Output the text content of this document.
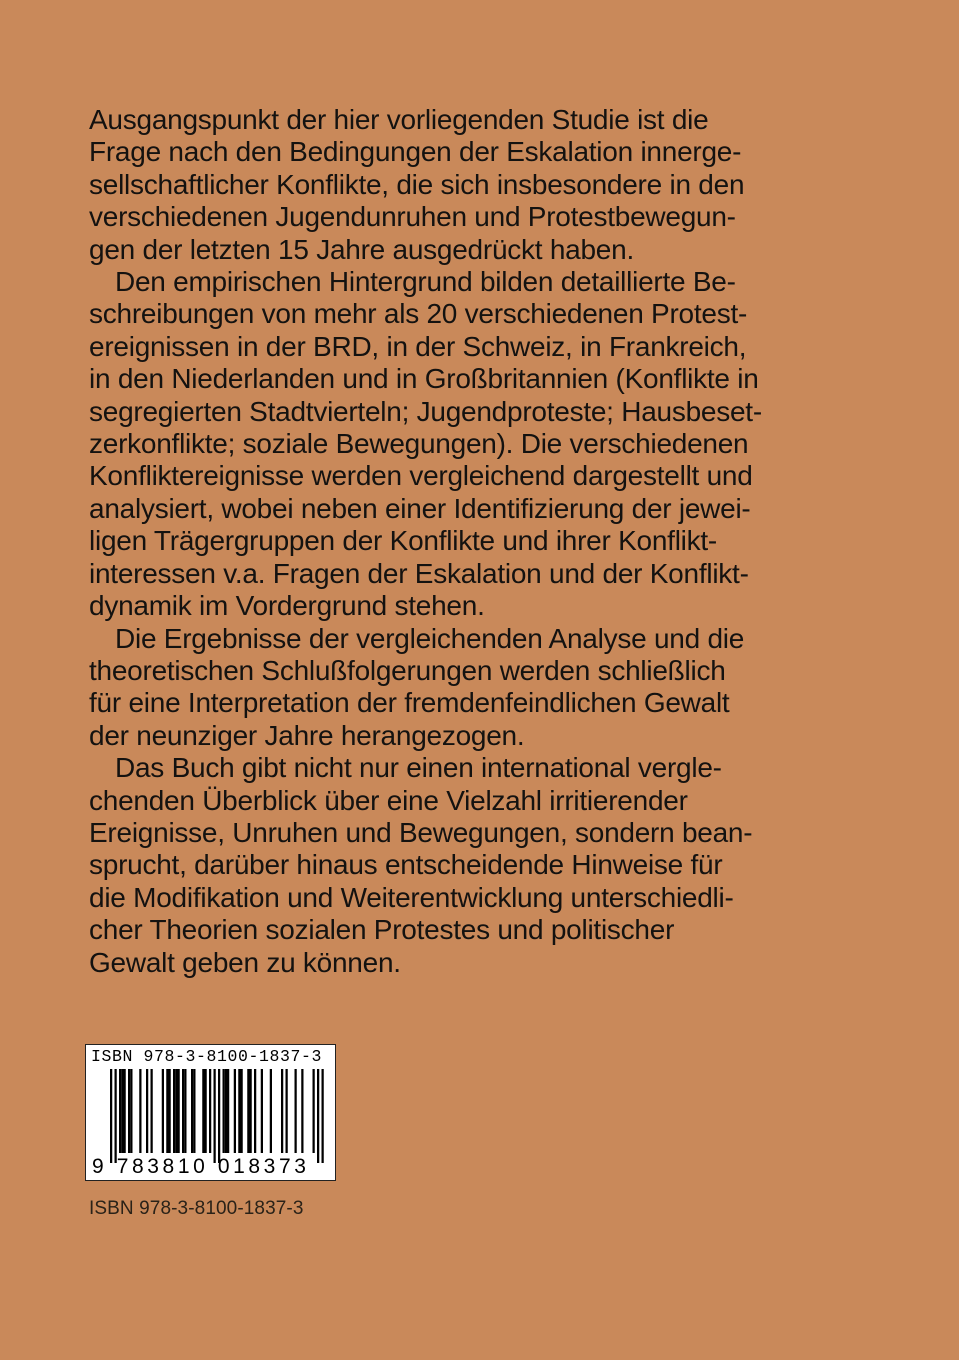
Ausgangspunkt der hier vorliegenden Studie ist die
Frage nach den Bedingungen der Eskalation innerge-
sellschaftlicher Konflikte, die sich insbesondere in den
verschiedenen Jugendunruhen und Protestbewegun-
gen der letzten 15 Jahre ausgedrückt haben.

Den empirischen Hintergrund bilden detaillierte Be-
schreibungen von mehr als 20 verschiedenen Protest-
ereignissen in der BRD, in der Schweiz, in Frankreich,
in den Niederlanden und in Großbritannien (Konflikte in
segregierten Stadtvierteln; Jugendproteste; Hausbeset-
zerkonflikte; soziale Bewegungen). Die verschiedenen
Konfliktereignisse werden vergleichend dargestellt und
analysiert, wobei neben einer Identifizierung der jewei-
ligen Trägergruppen der Konflikte und ihrer Konflikt-
interessen v.a. Fragen der Eskalation und der Konflikt-
dynamik im Vordergrund stehen.

Die Ergebnisse der vergleichenden Analyse und die
theoretischen Schlußfolgerungen werden schließlich
für eine Interpretation der fremdenfeindlichen Gewalt
der neunziger Jahre herangezogen.

Das Buch gibt nicht nur einen international vergle-
chenden Überblick über eine Vielzahl irritierender
Ereignisse, Unruhen und Bewegungen, sondern bean-
sprucht, darüber hinaus entscheidende Hinweise für
die Modifikation und Weiterentwicklung unterschiedli-
cher Theorien sozialen Protestes und politischer
Gewalt geben zu können.

ISBN 978-3-8100-1837-3
9 783810 018373
ISBN 978-3-8100-1837-3
